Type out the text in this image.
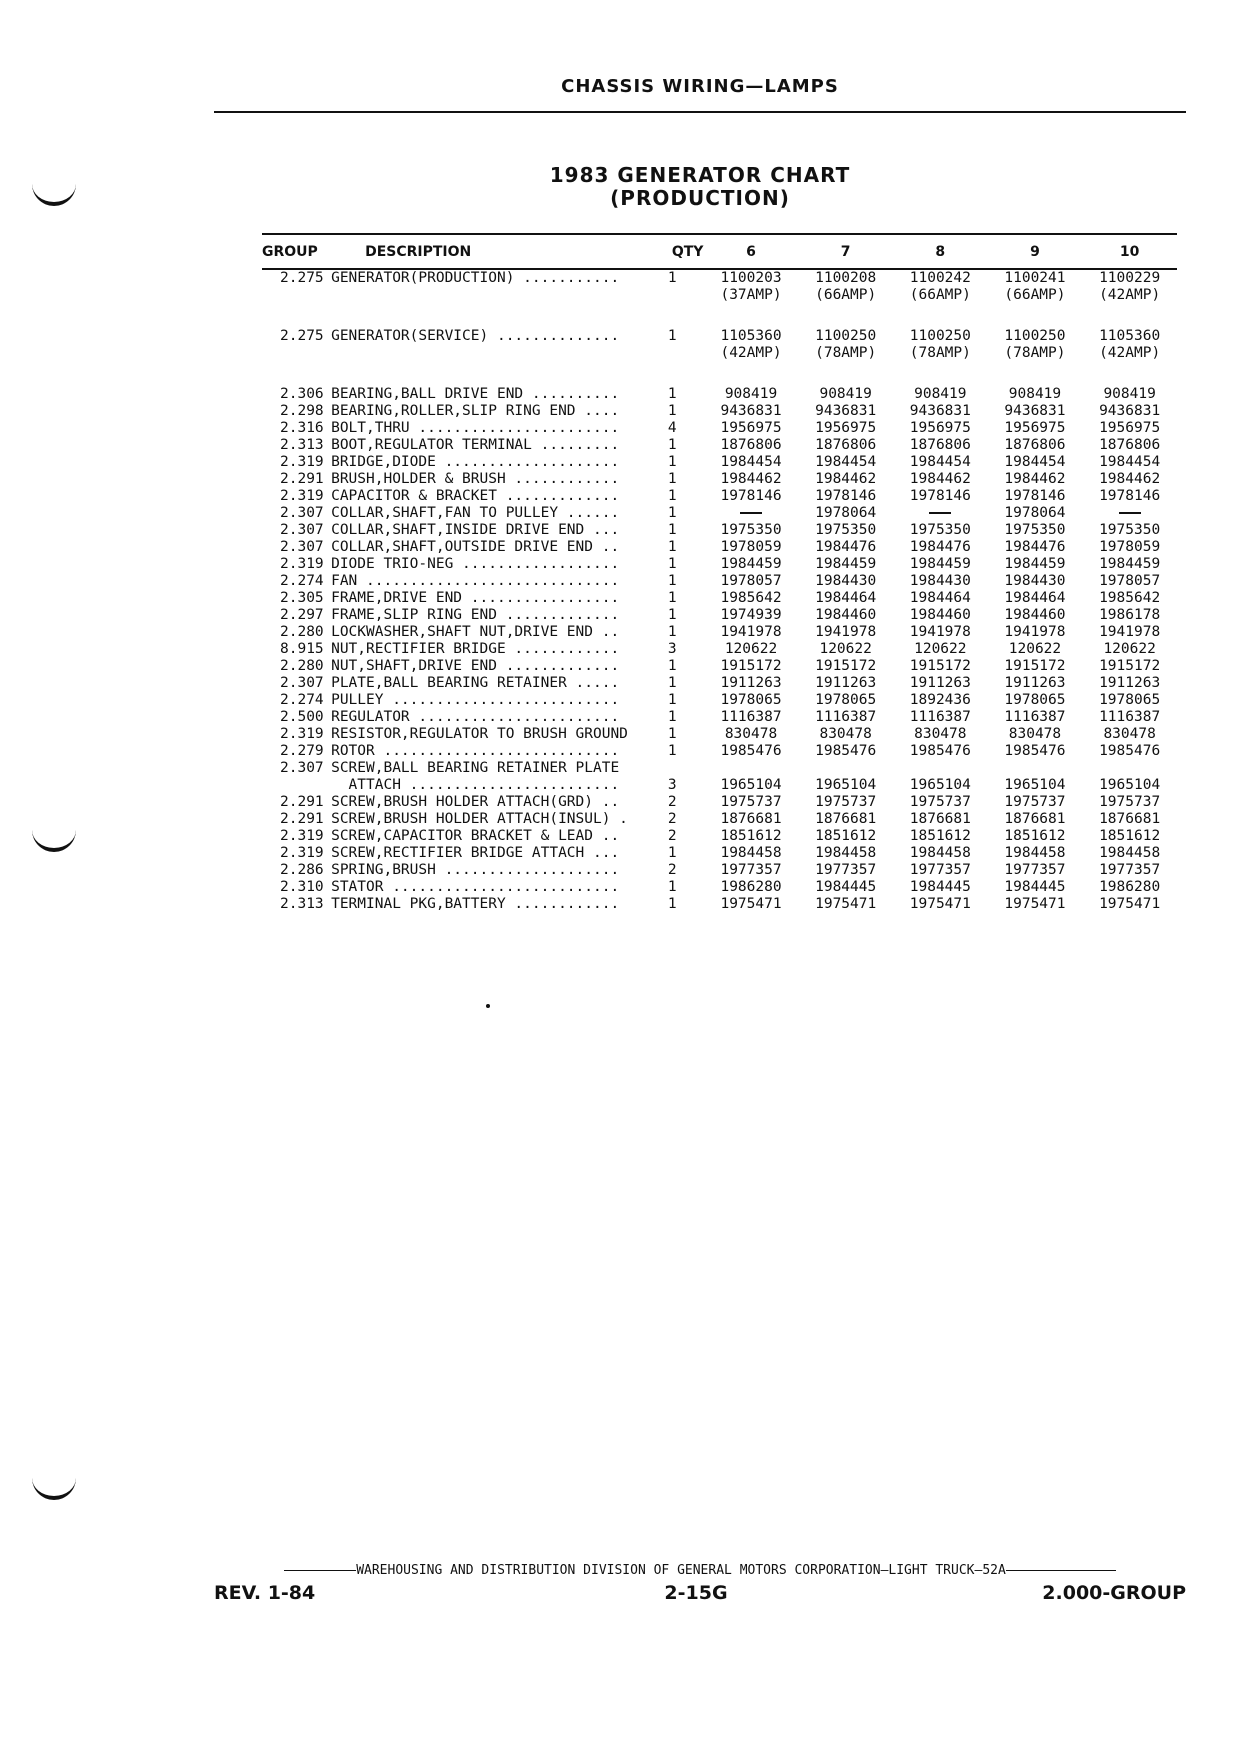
CHASSIS WIRING—LAMPS
1983 GENERATOR CHART
(PRODUCTION)
GROUP	DESCRIPTION	QTY	6	7	8	9	10
2.275	GENERATOR(PRODUCTION) ...........	1	1100203	1100208	1100242	1100241	1100229
			(37AMP)	(66AMP)	(66AMP)	(66AMP)	(42AMP)

2.275	GENERATOR(SERVICE) ..............	1	1105360	1100250	1100250	1100250	1105360
			(42AMP)	(78AMP)	(78AMP)	(78AMP)	(42AMP)

2.306	BEARING,BALL DRIVE END ..........	1	908419	908419	908419	908419	908419
2.298	BEARING,ROLLER,SLIP RING END ....	1	9436831	9436831	9436831	9436831	9436831
2.316	BOLT,THRU .......................	4	1956975	1956975	1956975	1956975	1956975
2.313	BOOT,REGULATOR TERMINAL .........	1	1876806	1876806	1876806	1876806	1876806
2.319	BRIDGE,DIODE ....................	1	1984454	1984454	1984454	1984454	1984454
2.291	BRUSH,HOLDER & BRUSH ............	1	1984462	1984462	1984462	1984462	1984462
2.319	CAPACITOR & BRACKET .............	1	1978146	1978146	1978146	1978146	1978146
2.307	COLLAR,SHAFT,FAN TO PULLEY ......	1		1978064		1978064	
2.307	COLLAR,SHAFT,INSIDE DRIVE END ...	1	1975350	1975350	1975350	1975350	1975350
2.307	COLLAR,SHAFT,OUTSIDE DRIVE END ..	1	1978059	1984476	1984476	1984476	1978059
2.319	DIODE TRIO-NEG ..................	1	1984459	1984459	1984459	1984459	1984459
2.274	FAN .............................	1	1978057	1984430	1984430	1984430	1978057
2.305	FRAME,DRIVE END .................	1	1985642	1984464	1984464	1984464	1985642
2.297	FRAME,SLIP RING END .............	1	1974939	1984460	1984460	1984460	1986178
2.280	LOCKWASHER,SHAFT NUT,DRIVE END ..	1	1941978	1941978	1941978	1941978	1941978
8.915	NUT,RECTIFIER BRIDGE ............	3	120622	120622	120622	120622	120622
2.280	NUT,SHAFT,DRIVE END .............	1	1915172	1915172	1915172	1915172	1915172
2.307	PLATE,BALL BEARING RETAINER .....	1	1911263	1911263	1911263	1911263	1911263
2.274	PULLEY ..........................	1	1978065	1978065	1892436	1978065	1978065
2.500	REGULATOR .......................	1	1116387	1116387	1116387	1116387	1116387
2.319	RESISTOR,REGULATOR TO BRUSH GROUND	1	830478	830478	830478	830478	830478
2.279	ROTOR ...........................	1	1985476	1985476	1985476	1985476	1985476
2.307	SCREW,BALL BEARING RETAINER PLATE						
	ATTACH ........................	3	1965104	1965104	1965104	1965104	1965104
2.291	SCREW,BRUSH HOLDER ATTACH(GRD) ..	2	1975737	1975737	1975737	1975737	1975737
2.291	SCREW,BRUSH HOLDER ATTACH(INSUL) .	2	1876681	1876681	1876681	1876681	1876681
2.319	SCREW,CAPACITOR BRACKET & LEAD ..	2	1851612	1851612	1851612	1851612	1851612
2.319	SCREW,RECTIFIER BRIDGE ATTACH ...	1	1984458	1984458	1984458	1984458	1984458
2.286	SPRING,BRUSH ....................	2	1977357	1977357	1977357	1977357	1977357
2.310	STATOR ..........................	1	1986280	1984445	1984445	1984445	1986280
2.313	TERMINAL PKG,BATTERY ............	1	1975471	1975471	1975471	1975471	1975471
WAREHOUSING AND DISTRIBUTION DIVISION OF GENERAL MOTORS CORPORATION—LIGHT TRUCK—52A
REV. 1-84	2-15G	2.000-GROUP
